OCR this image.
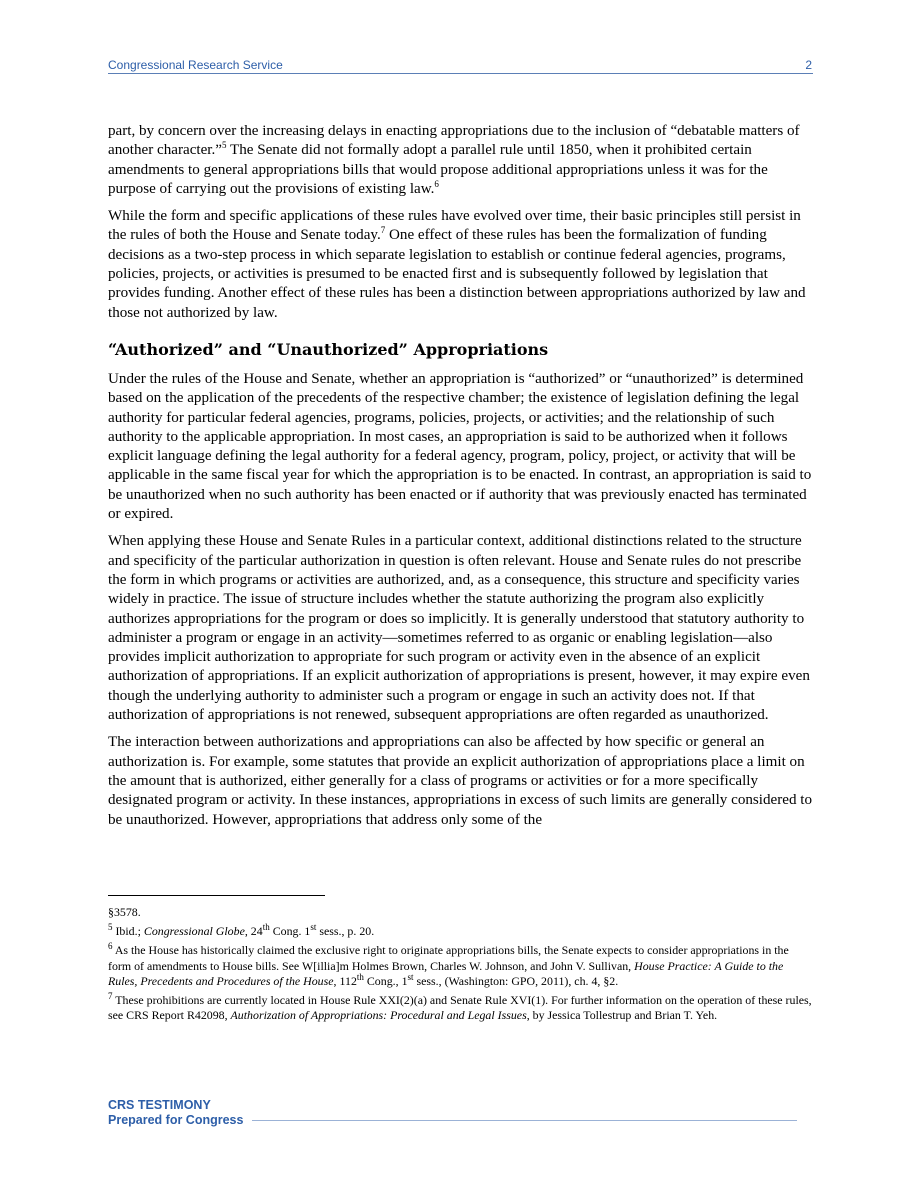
Congressional Research Service	2

part, by concern over the increasing delays in enacting appropriations due to the inclusion of “debatable matters of another character.”$^5$ The Senate did not formally adopt a parallel rule until 1850, when it prohibited certain amendments to general appropriations bills that would propose additional appropriations unless it was for the purpose of carrying out the provisions of existing law.$^6$

While the form and specific applications of these rules have evolved over time, their basic principles still persist in the rules of both the House and Senate today.$^7$ One effect of these rules has been the formalization of funding decisions as a two-step process in which separate legislation to establish or continue federal agencies, programs, policies, projects, or activities is presumed to be enacted first and is subsequently followed by legislation that provides funding. Another effect of these rules has been a distinction between appropriations authorized by law and those not authorized by law.

“Authorized” and “Unauthorized” Appropriations

Under the rules of the House and Senate, whether an appropriation is “authorized” or “unauthorized” is determined based on the application of the precedents of the respective chamber; the existence of legislation defining the legal authority for particular federal agencies, programs, policies, projects, or activities; and the relationship of such authority to the applicable appropriation. In most cases, an appropriation is said to be authorized when it follows explicit language defining the legal authority for a federal agency, program, policy, project, or activity that will be applicable in the same fiscal year for which the appropriation is to be enacted. In contrast, an appropriation is said to be unauthorized when no such authority has been enacted or if authority that was previously enacted has terminated or expired.

When applying these House and Senate Rules in a particular context, additional distinctions related to the structure and specificity of the particular authorization in question is often relevant. House and Senate rules do not prescribe the form in which programs or activities are authorized, and, as a consequence, this structure and specificity varies widely in practice. The issue of structure includes whether the statute authorizing the program also explicitly authorizes appropriations for the program or does so implicitly. It is generally understood that statutory authority to administer a program or engage in an activity—sometimes referred to as organic or enabling legislation—also provides implicit authorization to appropriate for such program or activity even in the absence of an explicit authorization of appropriations. If an explicit authorization of appropriations is present, however, it may expire even though the underlying authority to administer such a program or engage in such an activity does not. If that authorization of appropriations is not renewed, subsequent appropriations are often regarded as unauthorized.

The interaction between authorizations and appropriations can also be affected by how specific or general an authorization is. For example, some statutes that provide an explicit authorization of appropriations place a limit on the amount that is authorized, either generally for a class of programs or activities or for a more specifically designated program or activity. In these instances, appropriations in excess of such limits are generally considered to be unauthorized. However, appropriations that address only some of the

§3578.

$^5$ Ibid.; Congressional Globe, 24th Cong. 1st sess., p. 20.

$^6$ As the House has historically claimed the exclusive right to originate appropriations bills, the Senate expects to consider appropriations in the form of amendments to House bills. See W[illia]m Holmes Brown, Charles W. Johnson, and John V. Sullivan, House Practice: A Guide to the Rules, Precedents and Procedures of the House, 112th Cong., 1st sess., (Washington: GPO, 2011), ch. 4, §2.

$^7$ These prohibitions are currently located in House Rule XXI(2)(a) and Senate Rule XVI(1). For further information on the operation of these rules, see CRS Report R42098, Authorization of Appropriations: Procedural and Legal Issues, by Jessica Tollestrup and Brian T. Yeh.

CRS TESTIMONY
Prepared for Congress
